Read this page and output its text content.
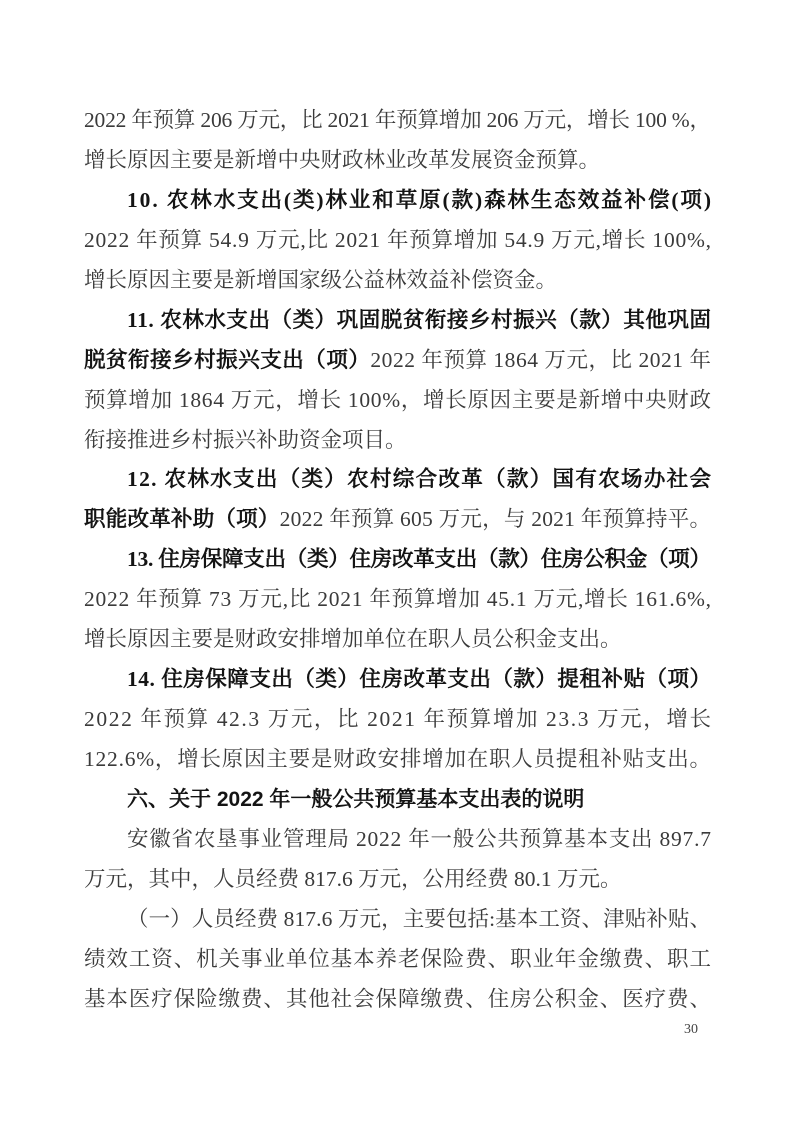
2022 年预算 206 万元，比 2021 年预算增加 206 万元，增长 100 %，
增长原因主要是新增中央财政林业改革发展资金预算。
10. 农林水支出(类)林业和草原(款)森林生态效益补偿(项)
2022 年预算 54.9 万元,比 2021 年预算增加 54.9 万元,增长 100%,
增长原因主要是新增国家级公益林效益补偿资金。
11. 农林水支出（类）巩固脱贫衔接乡村振兴（款）其他巩固
脱贫衔接乡村振兴支出（项）2022 年预算 1864 万元，比 2021 年
预算增加 1864 万元，增长 100%，增长原因主要是新增中央财政
衔接推进乡村振兴补助资金项目。
12. 农林水支出（类）农村综合改革（款）国有农场办社会
职能改革补助（项）2022 年预算 605 万元，与 2021 年预算持平。
13. 住房保障支出（类）住房改革支出（款）住房公积金（项）
2022 年预算 73 万元,比 2021 年预算增加 45.1 万元,增长 161.6%,
增长原因主要是财政安排增加单位在职人员公积金支出。
14. 住房保障支出（类）住房改革支出（款）提租补贴（项）
2022 年预算 42.3 万元，比 2021 年预算增加 23.3 万元，增长
122.6%，增长原因主要是财政安排增加在职人员提租补贴支出。
六、关于 2022 年一般公共预算基本支出表的说明
安徽省农垦事业管理局 2022 年一般公共预算基本支出 897.7
万元，其中，人员经费 817.6 万元，公用经费 80.1 万元。
（一）人员经费 817.6 万元，主要包括:基本工资、津贴补贴、
绩效工资、机关事业单位基本养老保险费、职业年金缴费、职工
基本医疗保险缴费、其他社会保障缴费、住房公积金、医疗费、
30
